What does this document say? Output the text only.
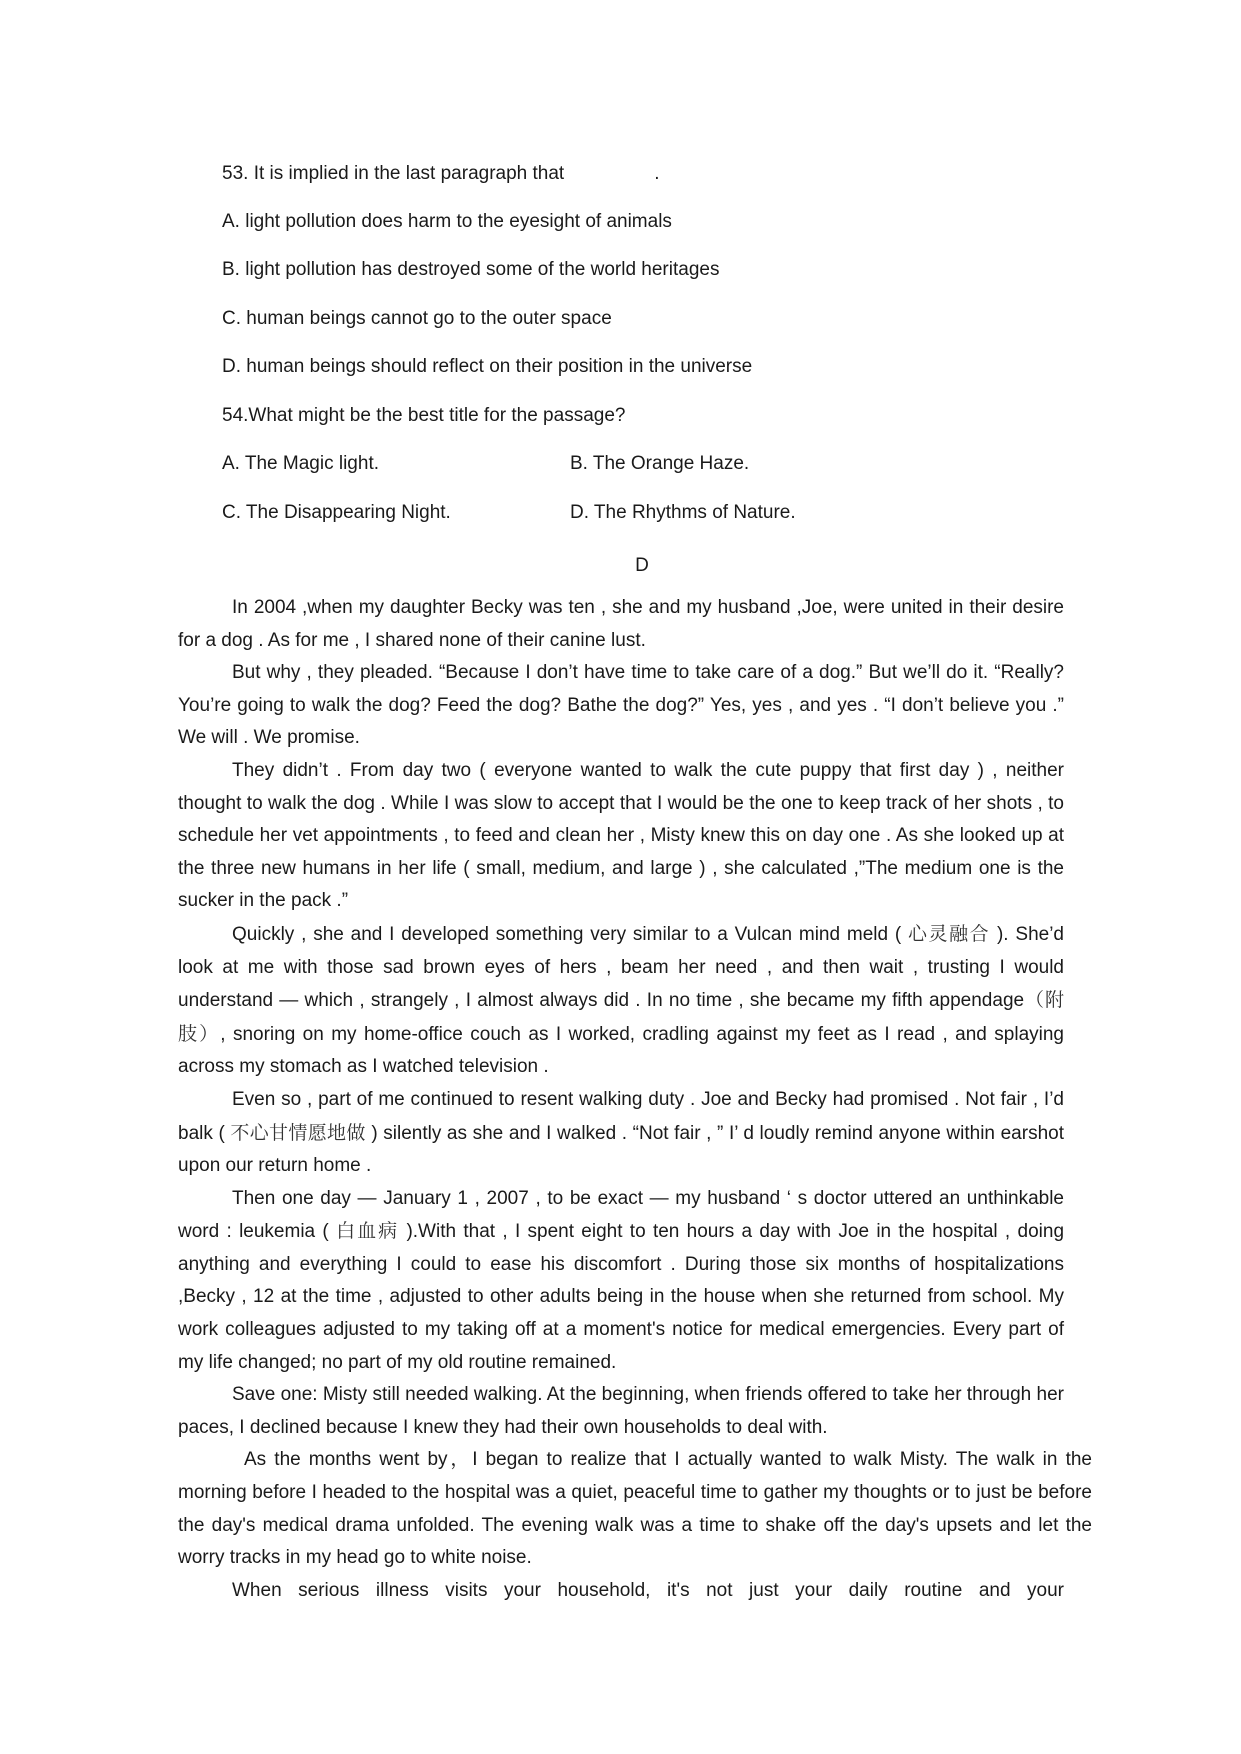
53. It is implied in the last paragraph that	.
A. light pollution does harm to the eyesight of animals
B. light pollution has destroyed some of the world heritages
C. human beings cannot go to the outer space
D. human beings should reflect on their position in the universe
54.What might be the best title for the passage?
A. The Magic light.	B. The Orange Haze.
C. The Disappearing Night.	D. The Rhythms of Nature.
D

In 2004 ,when my daughter Becky was ten , she and my husband ,Joe, were united in their desire for a dog . As for me , I shared none of their canine lust.

But why , they pleaded. “Because I don’t have time to take care of a dog.” But we’ll do it. “Really? You’re going to walk the dog? Feed the dog? Bathe the dog?” Yes, yes , and yes . “I don’t believe you .” We will . We promise.

They didn’t . From day two ( everyone wanted to walk the cute puppy that first day ) , neither thought to walk the dog . While I was slow to accept that I would be the one to keep track of her shots , to schedule her vet appointments , to feed and clean her , Misty knew this on day one . As she looked up at the three new humans in her life ( small, medium, and large ) , she calculated ,”The medium one is the sucker in the pack .”

Quickly , she and I developed something very similar to a Vulcan mind meld ( 心灵融合 ). She’d look at me with those sad brown eyes of hers , beam her need , and then wait , trusting I would understand — which , strangely , I almost always did . In no time , she became my fifth appendage（附肢）, snoring on my home-office couch as I worked, cradling against my feet as I read , and splaying across my stomach as I watched television .

Even so , part of me continued to resent walking duty . Joe and Becky had promised . Not fair , I’d balk ( 不心甘情愿地做 ) silently as she and I walked . “Not fair , ” I’ d loudly remind anyone within earshot upon our return home .

Then one day — January 1 , 2007 , to be exact — my husband ‘ s doctor uttered an unthinkable word : leukemia ( 白血病 ).With that , I spent eight to ten hours a day with Joe in the hospital , doing anything and everything I could to ease his discomfort . During those six months of hospitalizations ,Becky , 12 at the time , adjusted to other adults being in the house when she returned from school. My work colleagues adjusted to my taking off at a moment's notice for medical emergencies. Every part of my life changed; no part of my old routine remained.

Save one: Misty still needed walking. At the beginning, when friends offered to take her through her paces, I declined because I knew they had their own households to deal with.

As the months went by，I began to realize that I actually wanted to walk Misty. The walk in the morning before I headed to the hospital was a quiet, peaceful time to gather my thoughts or to just be before the day's medical drama unfolded. The evening walk was a time to shake off the day's upsets and let the worry tracks in my head go to white noise.

When serious illness visits your household, it's not just your daily routine and your
